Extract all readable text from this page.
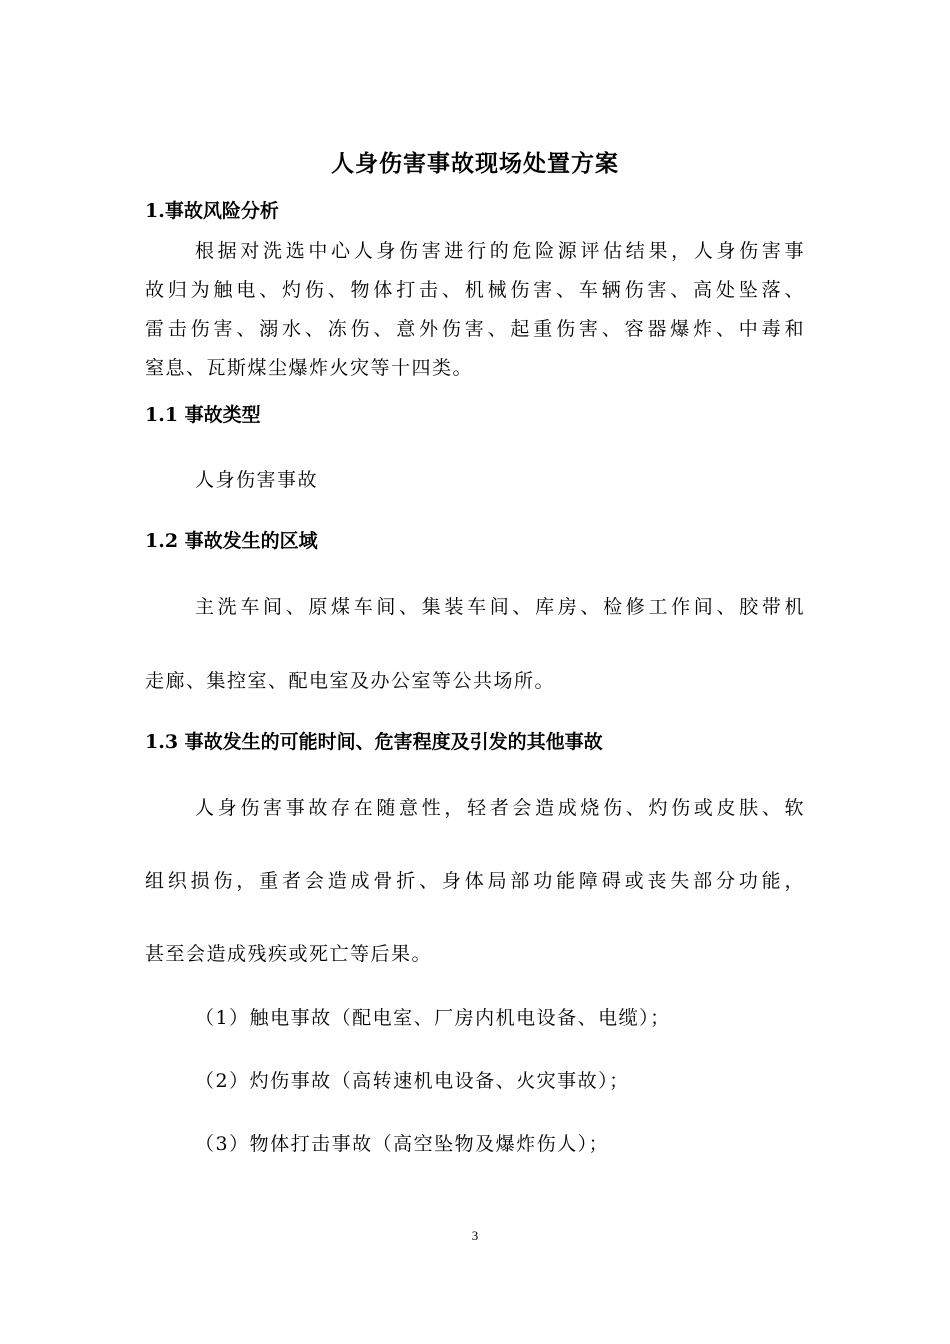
人身伤害事故现场处置方案
1.事故风险分析

根据对洗选中心人身伤害进行的危险源评估结果，人身伤害事

故归为触电、灼伤、物体打击、机械伤害、车辆伤害、高处坠落、

雷击伤害、溺水、冻伤、意外伤害、起重伤害、容器爆炸、中毒和

窒息、瓦斯煤尘爆炸火灾等十四类。

1.1 事故类型

人身伤害事故

1.2 事故发生的区域

主洗车间、原煤车间、集装车间、库房、检修工作间、胶带机

走廊、集控室、配电室及办公室等公共场所。

1.3 事故发生的可能时间、危害程度及引发的其他事故

人身伤害事故存在随意性，轻者会造成烧伤、灼伤或皮肤、软

组织损伤，重者会造成骨折、身体局部功能障碍或丧失部分功能，

甚至会造成残疾或死亡等后果。

（1）触电事故（配电室、厂房内机电设备、电缆）；

（2）灼伤事故（高转速机电设备、火灾事故）；

（3）物体打击事故（高空坠物及爆炸伤人）；

3
